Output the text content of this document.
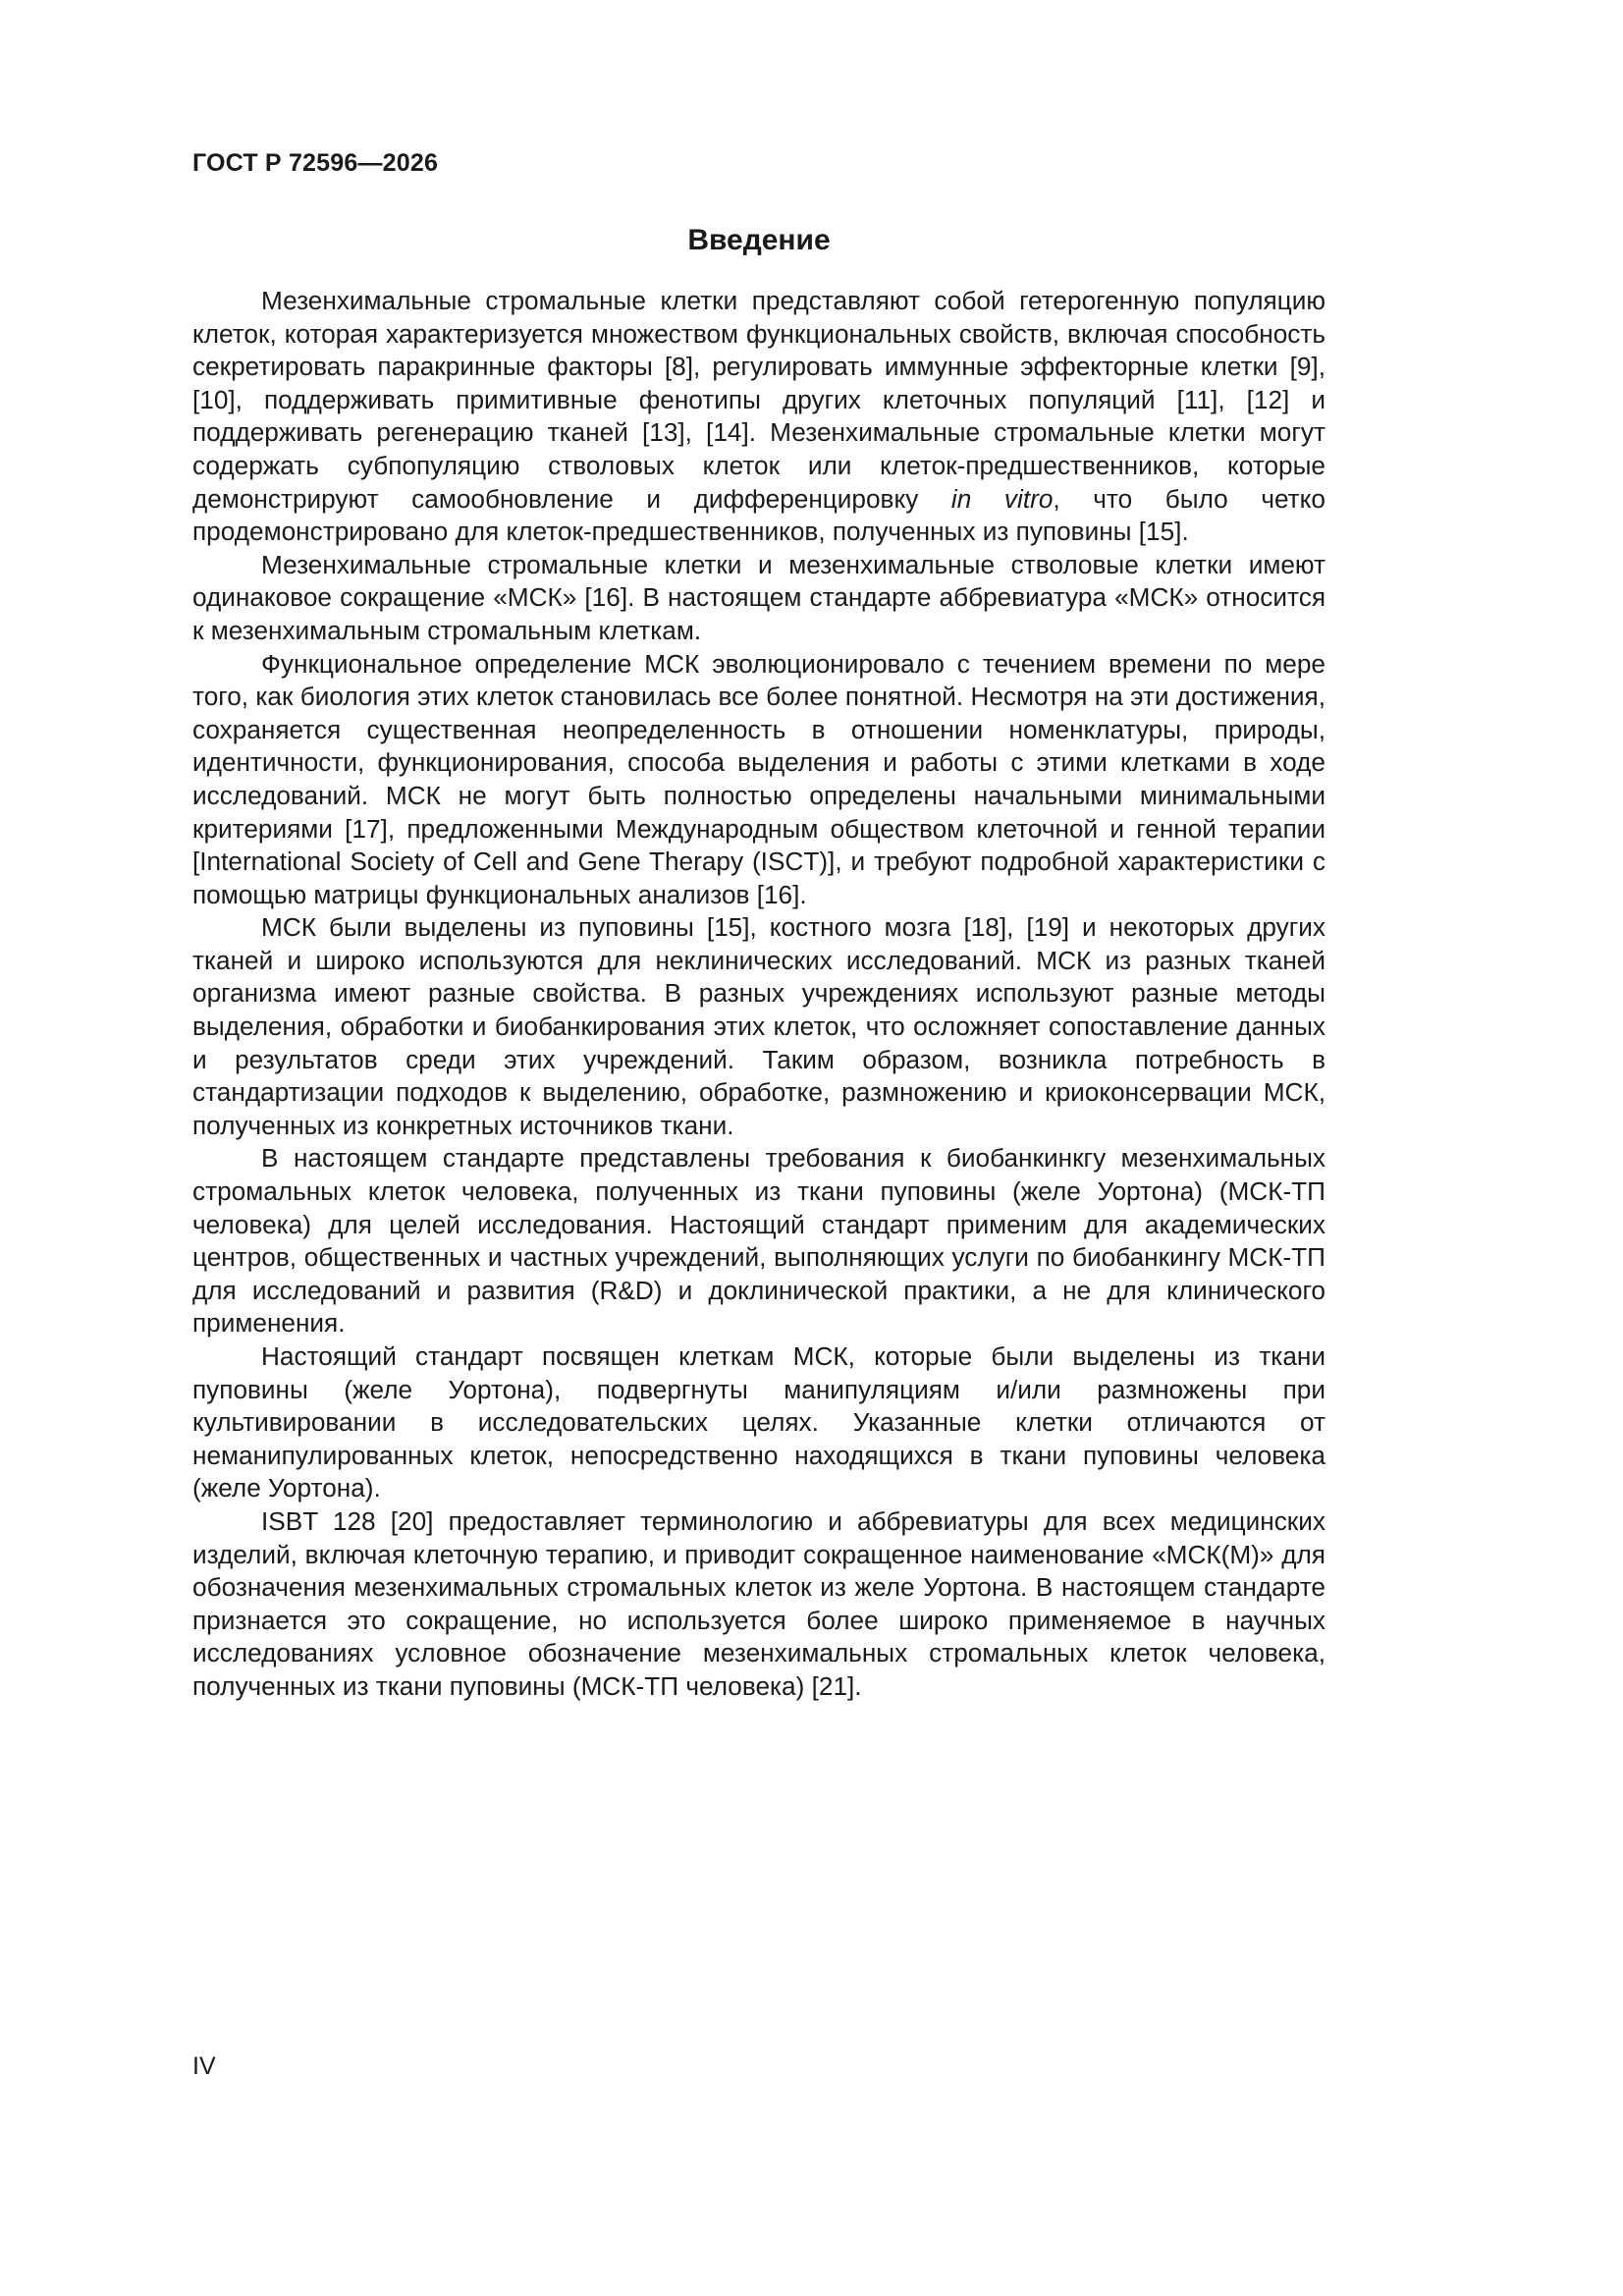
ГОСТ Р 72596—2026
Введение

Мезенхимальные стромальные клетки представляют собой гетерогенную популяцию клеток, которая характеризуется множеством функциональных свойств, включая способность секретировать паракринные факторы [8], регулировать иммунные эффекторные клетки [9], [10], поддерживать примитивные фенотипы других клеточных популяций [11], [12] и поддерживать регенерацию тканей [13], [14]. Мезенхимальные стромальные клетки могут содержать субпопуляцию стволовых клеток или клеток-предшественников, которые демонстрируют самообновление и дифференцировку in vitro, что было четко продемонстрировано для клеток-предшественников, полученных из пуповины [15].

Мезенхимальные стромальные клетки и мезенхимальные стволовые клетки имеют одинаковое сокращение «МСК» [16]. В настоящем стандарте аббревиатура «МСК» относится к мезенхимальным стромальным клеткам.

Функциональное определение МСК эволюционировало с течением времени по мере того, как биология этих клеток становилась все более понятной. Несмотря на эти достижения, сохраняется существенная неопределенность в отношении номенклатуры, природы, идентичности, функционирования, способа выделения и работы с этими клетками в ходе исследований. МСК не могут быть полностью определены начальными минимальными критериями [17], предложенными Международным обществом клеточной и генной терапии [International Society of Cell and Gene Therapy (ISCT)], и требуют подробной характеристики с помощью матрицы функциональных анализов [16].

МСК были выделены из пуповины [15], костного мозга [18], [19] и некоторых других тканей и широко используются для неклинических исследований. МСК из разных тканей организма имеют разные свойства. В разных учреждениях используют разные методы выделения, обработки и биобанкирования этих клеток, что осложняет сопоставление данных и результатов среди этих учреждений. Таким образом, возникла потребность в стандартизации подходов к выделению, обработке, размножению и криоконсервации МСК, полученных из конкретных источников ткани.

В настоящем стандарте представлены требования к биобанкинкгу мезенхимальных стромальных клеток человека, полученных из ткани пуповины (желе Уортона) (МСК-ТП человека) для целей исследования. Настоящий стандарт применим для академических центров, общественных и частных учреждений, выполняющих услуги по биобанкингу МСК-ТП для исследований и развития (R&D) и доклинической практики, а не для клинического применения.

Настоящий стандарт посвящен клеткам МСК, которые были выделены из ткани пуповины (желе Уортона), подвергнуты манипуляциям и/или размножены при культивировании в исследовательских целях. Указанные клетки отличаются от неманипулированных клеток, непосредственно находящихся в ткани пуповины человека (желе Уортона).

ISBT 128 [20] предоставляет терминологию и аббревиатуры для всех медицинских изделий, включая клеточную терапию, и приводит сокращенное наименование «МСК(М)» для обозначения мезенхимальных стромальных клеток из желе Уортона. В настоящем стандарте признается это сокращение, но используется более широко применяемое в научных исследованиях условное обозначение мезенхимальных стромальных клеток человека, полученных из ткани пуповины (МСК-ТП человека) [21].

IV
